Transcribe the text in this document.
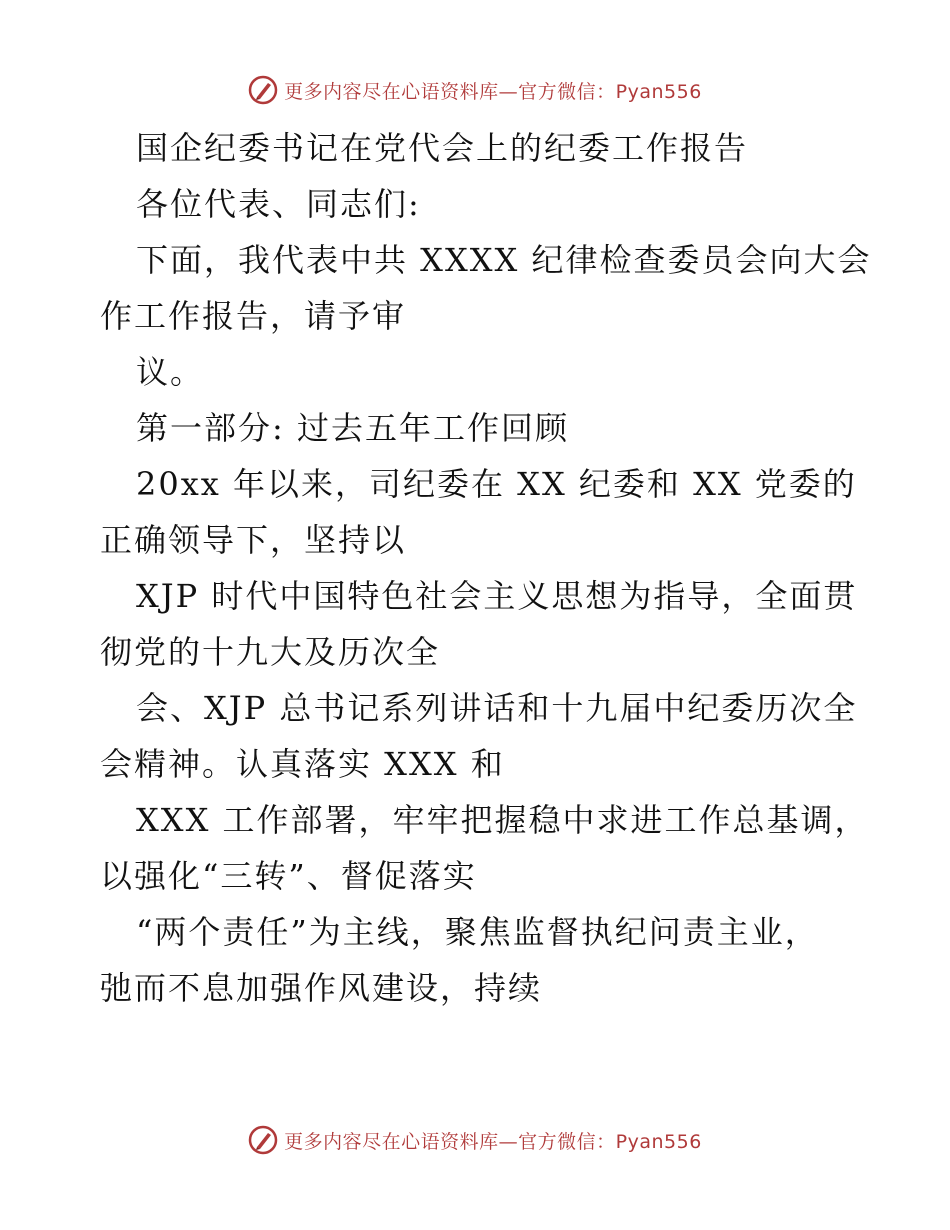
更多内容尽在心语资料库—官方微信：Pyan556
国企纪委书记在党代会上的纪委工作报告
各位代表、同志们:
下面，我代表中共 XXXX 纪律检查委员会向大会
作工作报告，请予审
议。
第一部分: 过去五年工作回顾
20xx 年以来，司纪委在 XX 纪委和 XX 党委的
正确领导下，坚持以
XJP 时代中国特色社会主义思想为指导，全面贯
彻党的十九大及历次全
会、XJP 总书记系列讲话和十九届中纪委历次全
会精神。认真落实 XXX 和
XXX 工作部署，牢牢把握稳中求进工作总基调，
以强化“三转”、督促落实
“两个责任”为主线，聚焦监督执纪问责主业，
弛而不息加强作风建设，持续
更多内容尽在心语资料库—官方微信：Pyan556
